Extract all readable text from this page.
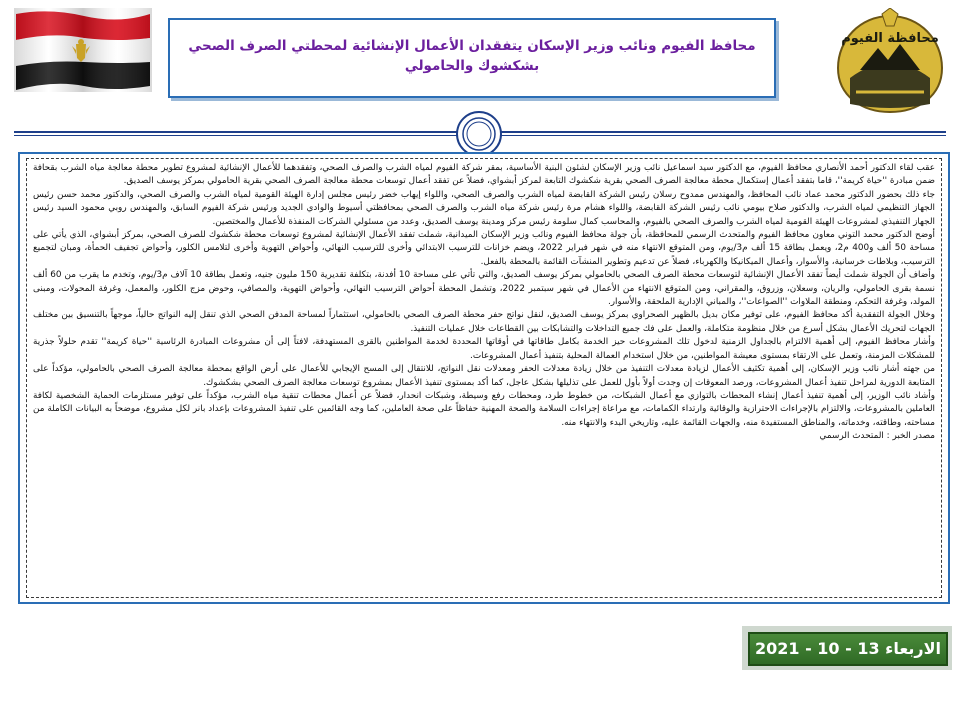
محافظة الفيوم
محافظ الفيوم ونائب وزير الإسكان يتفقدان الأعمال الإنشائية لمحطتي الصرف الصحي بشكشوك والحامولي

عقب لقاء الدكتور أحمد الأنصاري محافظ الفيوم، مع الدكتور سيد اسماعيل نائب وزير الإسكان لشئون البنية الأساسية، بمقر شركة الفيوم لمياه الشرب والصرف الصحي، وتفقدهما للأعمال الإنشائية لمشروع تطوير محطة معالجة مياه الشرب بقحافة ضمن مبادرة ''حياة كريمة''، قاما بتفقد أعمال إستكمال محطة معالجة الصرف الصحي بقرية شكشوك التابعة لمركز أبشواي، فضلاً عن تفقد أعمال توسعات محطة معالجة الصرف الصحي بقرية الحامولي بمركز يوسف الصديق.

جاء ذلك بحضور الدكتور محمد عماد نائب المحافظ، والمهندس ممدوح رسلان رئيس الشركة القابضة لمياه الشرب والصرف الصحي، واللواء إيهاب خضر رئيس مجلس إدارة الهيئة القومية لمياه الشرب والصرف الصحي، والدكتور محمد حسن رئيس الجهاز التنظيمي لمياه الشرب، والدكتور صلاح بيومي نائب رئيس الشركة القابضة، واللواء هشام مرة رئيس شركة مياه الشرب والصرف الصحي بمحافظتي أسيوط والوادي الجديد ورئيس شركة الفيوم السابق، والمهندس روبي محمود السيد رئيس الجهاز التنفيذي لمشروعات الهيئة القومية لمياه الشرب والصرف الصحي بالفيوم، والمحاسب كمال سلومة رئيس مركز ومدينة يوسف الصديق، وعدد من مسئولي الشركات المنفذة للأعمال والمختصين.

أوضح الدكتور محمد التوني معاون محافظ الفيوم والمتحدث الرسمي للمحافظة، بأن جولة محافظ الفيوم ونائب وزير الإسكان الميدانية، شملت تفقد الأعمال الإنشائية لمشروع توسعات محطة شكشوك للصرف الصحي، بمركز أبشواي، الذي يأتي على مساحة 50 ألف و400 م2، ويعمل بطاقة 15 ألف م3/يوم، ومن المتوقع الانتهاء منه في شهر فبراير 2022، ويضم خزانات للترسيب الابتدائي وأخرى للترسيب النهائي، وأحواض التهوية وأخرى لتلامس الكلور، وأحواض تجفيف الحمأة، ومبان لتجميع الترسيب، وبلاطات خرسانية، والأسوار، وأعمال الميكانيكا والكهرباء، فضلاً عن تدعيم وتطوير المنشآت القائمة بالمحطة بالفعل.

وأضاف أن الجولة شملت أيضاً تفقد الأعمال الإنشائية لتوسعات محطة الصرف الصحي بالحامولي بمركز يوسف الصديق، والتي تأتي على مساحة 10 أفدنة، بتكلفة تقديرية 150 مليون جنيه، وتعمل بطاقة 10 آلاف م3/يوم، وتخدم ما يقرب من 60 ألف نسمة بقرى الحامولي، والريان، وسعلان، وزروق، والمقراني، ومن المتوقع الانتهاء من الأعمال في شهر سبتمبر 2022، وتشمل المحطة أحواض الترسيب النهائي، وأحواض التهوية، والمصافي، وحوض مزج الكلور، والمعمل، وغرفة المحولات، ومبنى المولد، وغرفة التحكم، ومنطقة الملاوات ''الصواعات''، والمباني الإدارية الملحقة، والأسوار.

وخلال الجولة التفقدية أكد محافظ الفيوم، على توفير مكان بديل بالظهير الصحراوي بمركز يوسف الصديق، لنقل نواتج حفر محطة الصرف الصحي بالحامولي، استثماراً لمساحة المدفن الصحي الذي تنقل إليه النواتج حالياً، موجهاً بالتنسيق بين مختلف الجهات لتحريك الأعمال بشكل أسرع من خلال منظومة متكاملة، والعمل على فك جميع التداخلات والتشابكات بين القطاعات خلال عمليات التنفيذ.

وأشار محافظ الفيوم، إلى أهمية الالتزام بالجداول الزمنية لدخول تلك المشروعات حيز الخدمة بكامل طاقاتها في أوقاتها المحددة لخدمة المواطنين بالقرى المستهدفة، لافتاً إلى أن مشروعات المبادرة الرئاسية ''حياة كريمة'' تقدم حلولاً جذرية للمشكلات المزمنة، وتعمل على الارتقاء بمستوى معيشة المواطنين، من خلال استخدام العمالة المحلية بتنفيذ أعمال المشروعات.

من جهته أشار نائب وزير الإسكان، إلى أهمية تكثيف الأعمال لزيادة معدلات التنفيذ من خلال زيادة معدلات الحفر ومعدلات نقل النواتج، للانتقال إلى المسح الإيجابي للأعمال على أرض الواقع بمحطة معالجة الصرف الصحي بالحامولي، مؤكداً على المتابعة الدورية لمراحل تنفيذ أعمال المشروعات، ورصد المعوقات إن وجدت أولاً بأول للعمل على تذليلها بشكل عاجل، كما أكد بمستوى تنفيذ الأعمال بمشروع توسعات معالجة الصرف الصحي بشكشوك.

وأشاد نائب الوزير، إلى أهمية تنفيذ أعمال إنشاء المحطات بالتوازي مع أعمال الشبكات، من خطوط طرد، ومحطات رفع وسيطة، وشبكات انحدار، فضلاً عن أعمال محطات تنقية مياه الشرب، مؤكداً على توفير مستلزمات الحماية الشخصية لكافة العاملين بالمشروعات، والالتزام بالإجراءات الاحترازية والوقائية وارتداء الكمامات، مع مراعاة إجراءات السلامة والصحة المهنية حفاظاً على صحة العاملين، كما وجه القائمين على تنفيذ المشروعات بإعداد بانر لكل مشروع، موضحاً به البيانات الكاملة من مساحته، وطاقته، وخدماته، والمناطق المستفيدة منه، والجهات القائمة عليه، وتاريخي البدء والانتهاء منه.

مصدر الخبر : المتحدث الرسمي

الاربعاء 13 - 10 - 2021
